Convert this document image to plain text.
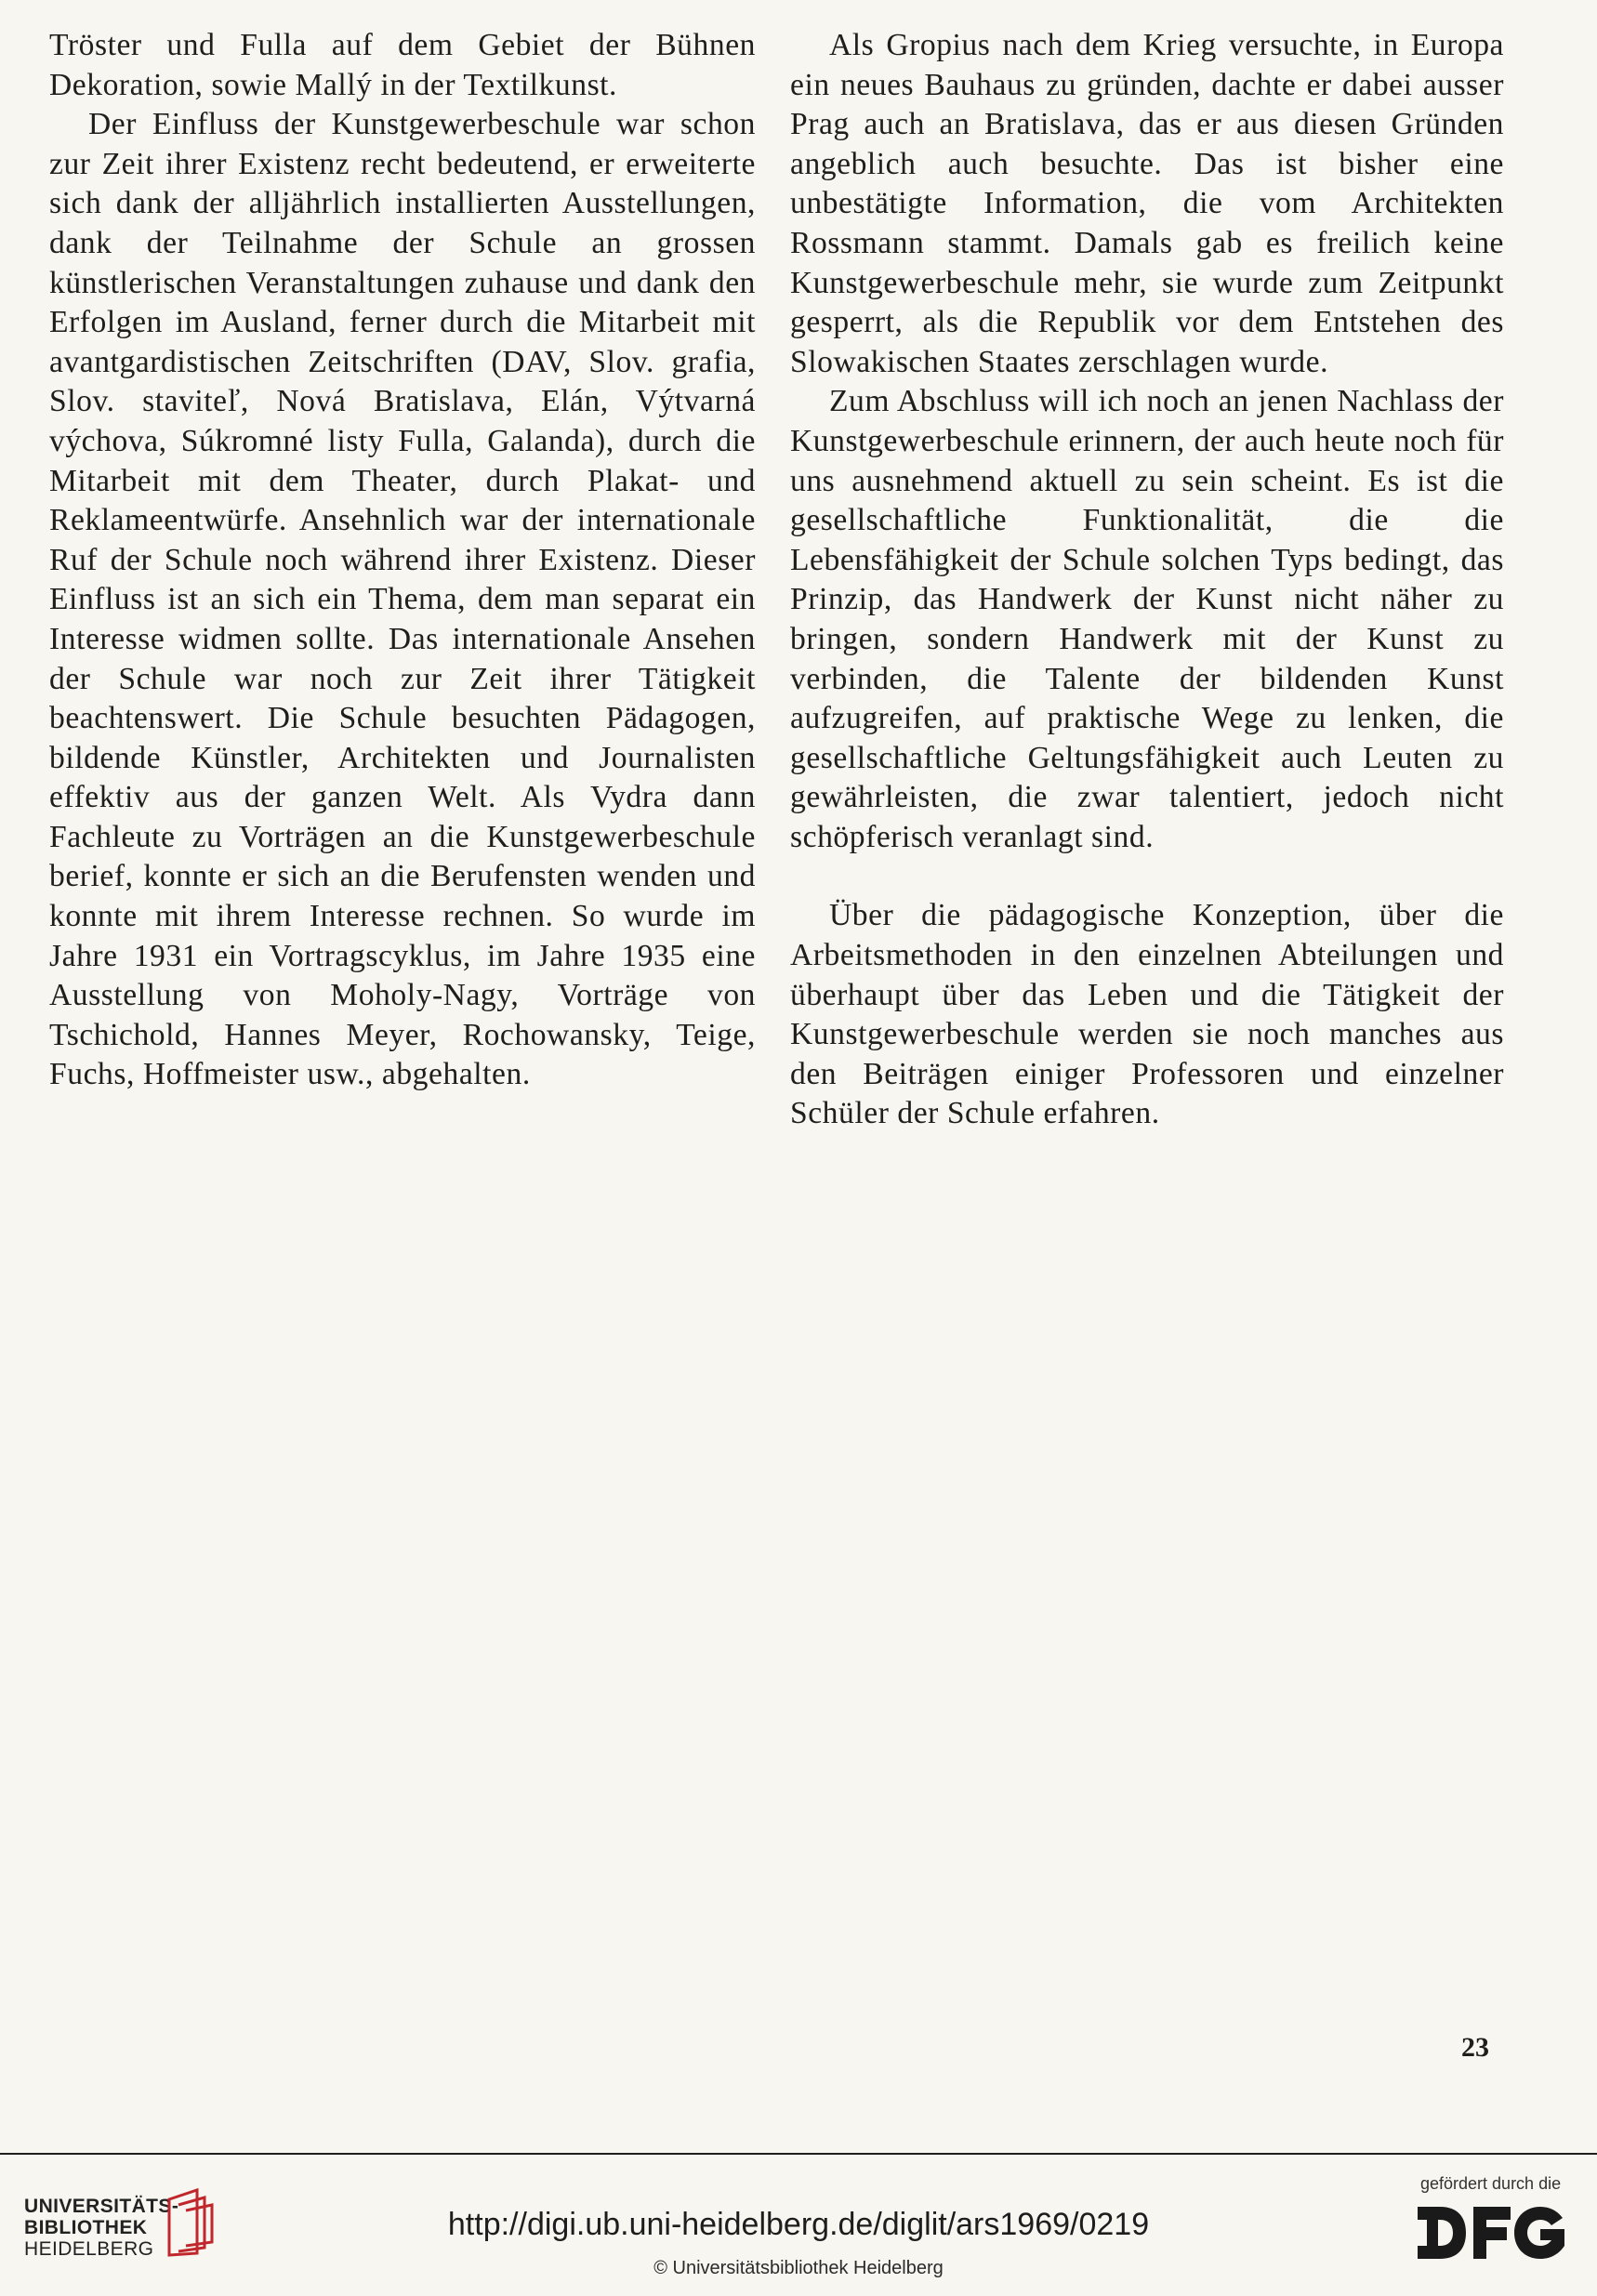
Tröster und Fulla auf dem Gebiet der Bühnen Dekoration, sowie Mallý in der Textilkunst.

Der Einfluss der Kunstgewerbeschule war schon zur Zeit ihrer Existenz recht bedeutend, er erweiterte sich dank der alljährlich installierten Ausstellungen, dank der Teilnahme der Schule an grossen künstlerischen Veranstaltungen zuhause und dank den Erfolgen im Ausland, ferner durch die Mitarbeit mit avantgardistischen Zeitschriften (DAV, Slov. grafia, Slov. staviteľ, Nová Bratislava, Elán, Výtvarná výchova, Súkromné listy Fulla, Galanda), durch die Mitarbeit mit dem Theater, durch Plakat- und Reklameentwürfe. Ansehnlich war der internationale Ruf der Schule noch während ihrer Existenz. Dieser Einfluss ist an sich ein Thema, dem man separat ein Interesse widmen sollte. Das internationale Ansehen der Schule war noch zur Zeit ihrer Tätigkeit beachtenswert. Die Schule besuchten Pädagogen, bildende Künstler, Architekten und Journalisten effektiv aus der ganzen Welt. Als Vydra dann Fachleute zu Vorträgen an die Kunstgewerbeschule berief, konnte er sich an die Berufensten wenden und konnte mit ihrem Interesse rechnen. So wurde im Jahre 1931 ein Vortragscyklus, im Jahre 1935 eine Ausstellung von Moholy-Nagy, Vorträge von Tschichold, Hannes Meyer, Rochowansky, Teige, Fuchs, Hoffmeister usw., abgehalten.

Als Gropius nach dem Krieg versuchte, in Europa ein neues Bauhaus zu gründen, dachte er dabei ausser Prag auch an Bratislava, das er aus diesen Gründen angeblich auch besuchte. Das ist bisher eine unbestätigte Information, die vom Architekten Rossmann stammt. Damals gab es freilich keine Kunstgewerbeschule mehr, sie wurde zum Zeitpunkt gesperrt, als die Republik vor dem Entstehen des Slowakischen Staates zerschlagen wurde.

Zum Abschluss will ich noch an jenen Nachlass der Kunstgewerbeschule erinnern, der auch heute noch für uns ausnehmend aktuell zu sein scheint. Es ist die gesellschaftliche Funktionalität, die die Lebensfähigkeit der Schule solchen Typs bedingt, das Prinzip, das Handwerk der Kunst nicht näher zu bringen, sondern Handwerk mit der Kunst zu verbinden, die Talente der bildenden Kunst aufzugreifen, auf praktische Wege zu lenken, die gesellschaftliche Geltungsfähigkeit auch Leuten zu gewährleisten, die zwar talentiert, jedoch nicht schöpferisch veranlagt sind.

Über die pädagogische Konzeption, über die Arbeitsmethoden in den einzelnen Abteilungen und überhaupt über das Leben und die Tätigkeit der Kunstgewerbeschule werden sie noch manches aus den Beiträgen einiger Professoren und einzelner Schüler der Schule erfahren.

23
UNIVERSITÄTS-
BIBLIOTHEK
HEIDELBERG
http://digi.ub.uni-heidelberg.de/diglit/ars1969/0219
© Universitätsbibliothek Heidelberg
gefördert durch die
